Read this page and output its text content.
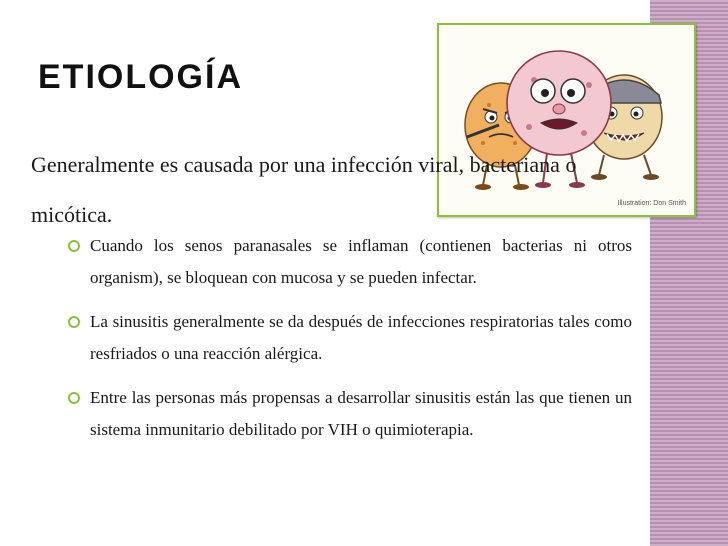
ETIOLOGÍA
Illustration: Don Smith

Generalmente es causada por una infección viral, bacteriana o micótica.

Cuando los senos paranasales se inflaman (contienen bacterias ni otros organism), se bloquean con mucosa y se pueden infectar.
La sinusitis generalmente se da después de infecciones respiratorias tales como resfriados o una reacción alérgica.
Entre las personas más propensas a desarrollar sinusitis están las que tienen un sistema inmunitario debilitado por VIH o quimioterapia.
